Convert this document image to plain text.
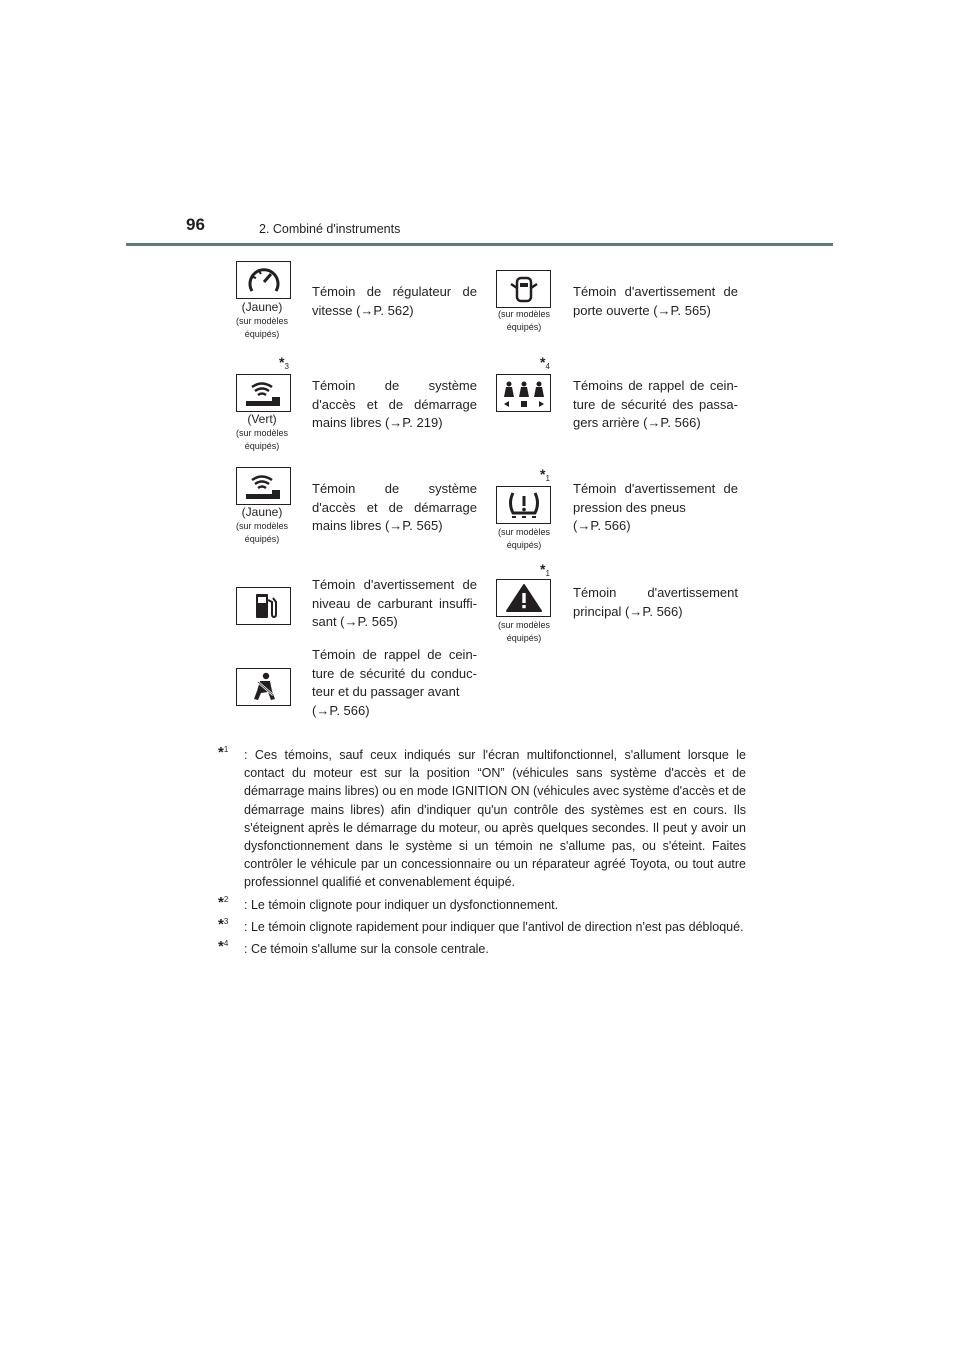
96	2. Combiné d'instruments
(Jaune)
(sur modèles
équipés)
Témoin de régulateur de
vitesse (→P. 562)	(sur modèles
équipés)
Témoin d'avertissement de
porte ouverte (→P. 565)
$*_3$
(Vert)
(sur modèles
équipés)
Témoin de système
d'accès et de démarrage
mains libres (→P. 219)
$*_4$
Témoins de rappel de cein-
ture de sécurité des passa-
gers arrière (→P. 566)
(Jaune)
(sur modèles
équipés)
Témoin de système
d'accès et de démarrage
mains libres (→P. 565)
$*_1$
(sur modèles
équipés)
Témoin d'avertissement de
pression des pneus
(→P. 566)
Témoin d'avertissement de
niveau de carburant insuffi-
sant (→P. 565)
$*_1$
(sur modèles
équipés)
Témoin d'avertissement
principal (→P. 566)
Témoin de rappel de cein-
ture de sécurité du conduc-
teur et du passager avant
(→P. 566)
*$^1$ : Ces témoins, sauf ceux indiqués sur l'écran multifonctionnel, s'allument lorsque le contact du moteur est sur la position “ON” (véhicules sans système d'accès et de démarrage mains libres) ou en mode IGNITION ON (véhicules avec système d'accès et de démarrage mains libres) afin d'indiquer qu'un contrôle des systèmes est en cours. Ils s'éteignent après le démarrage du moteur, ou après quelques secondes. Il peut y avoir un dysfonctionnement dans le système si un témoin ne s'allume pas, ou s'éteint. Faites contrôler le véhicule par un concessionnaire ou un réparateur agréé Toyota, ou tout autre professionnel qualifié et convenablement équipé.
*$^2$ : Le témoin clignote pour indiquer un dysfonctionnement.
*$^3$ : Le témoin clignote rapidement pour indiquer que l'antivol de direction n'est pas débloqué.
*$^4$ : Ce témoin s'allume sur la console centrale.
